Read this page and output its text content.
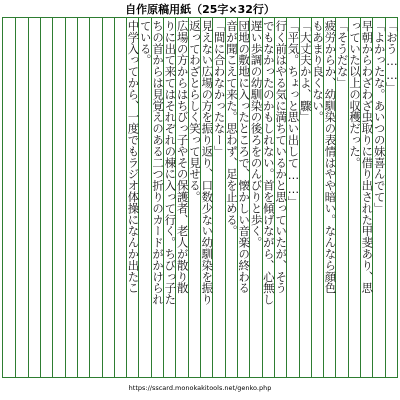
自作原稿用紙（25字×32行）
「おう……」
「よかったな。あいつの妹喜んでて」
早朝からわざわざ虫取りに借り出された甲斐あり、思
っていた以上の収穫だった。
「そうだな」
疲労からか、幼馴染の表情はやや暗い。なんなら顔色
もあまり良くない。
「大丈夫かよ、驟」
「平気。ちょっと思い出して……」
行く前はやる気に満ちているかと思っていたが、そう
でもなかったのかもしれない。首を傾げながら、心無し
遅い歩調の幼馴染の後ろをのんびりと歩く。
団地の敷地に入ったところで、懐かしい音楽の終わる
音が聞こえて来た。思わず、足を止める。
「間に合わなかったなー」
見えない広場の方を振り返り、口数少ない幼馴染を振り
返ってわざとらしく笑って見せる。
広場の方からはちびっ子やその保護者、老人が散り散
りに出て来てはそれぞれの棟に入って行く。ちびっ子た
ちの首からは見覚えのある二つ折りのカードがかけられ
ている。
中学入ってから、一度でもラジオ体操になんか出たこ
https://sscard.monokakitools.net/genko.php
